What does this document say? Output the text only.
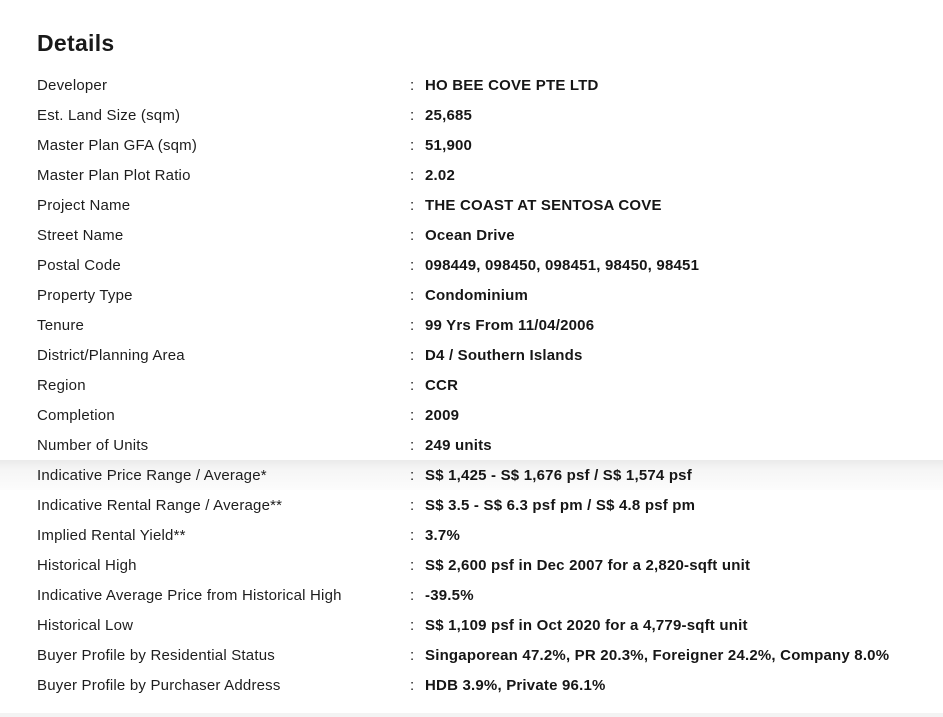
Details
Developer	: HO BEE COVE PTE LTD
Est. Land Size (sqm)	: 25,685
Master Plan GFA (sqm)	: 51,900
Master Plan Plot Ratio	: 2.02
Project Name	: THE COAST AT SENTOSA COVE
Street Name	: Ocean Drive
Postal Code	: 098449, 098450, 098451, 98450, 98451
Property Type	: Condominium
Tenure	: 99 Yrs From 11/04/2006
District/Planning Area	: D4 / Southern Islands
Region	: CCR
Completion	: 2009
Number of Units	: 249 units
Indicative Price Range / Average*	: S$ 1,425 - S$ 1,676 psf / S$ 1,574 psf
Indicative Rental Range / Average**	: S$ 3.5 - S$ 6.3 psf pm / S$ 4.8 psf pm
Implied Rental Yield**	: 3.7%
Historical High	: S$ 2,600 psf in Dec 2007 for a 2,820-sqft unit
Indicative Average Price from Historical High	: -39.5%
Historical Low	: S$ 1,109 psf in Oct 2020 for a 4,779-sqft unit
Buyer Profile by Residential Status	: Singaporean 47.2%, PR 20.3%, Foreigner 24.2%, Company 8.0%
Buyer Profile by Purchaser Address	: HDB 3.9%, Private 96.1%
